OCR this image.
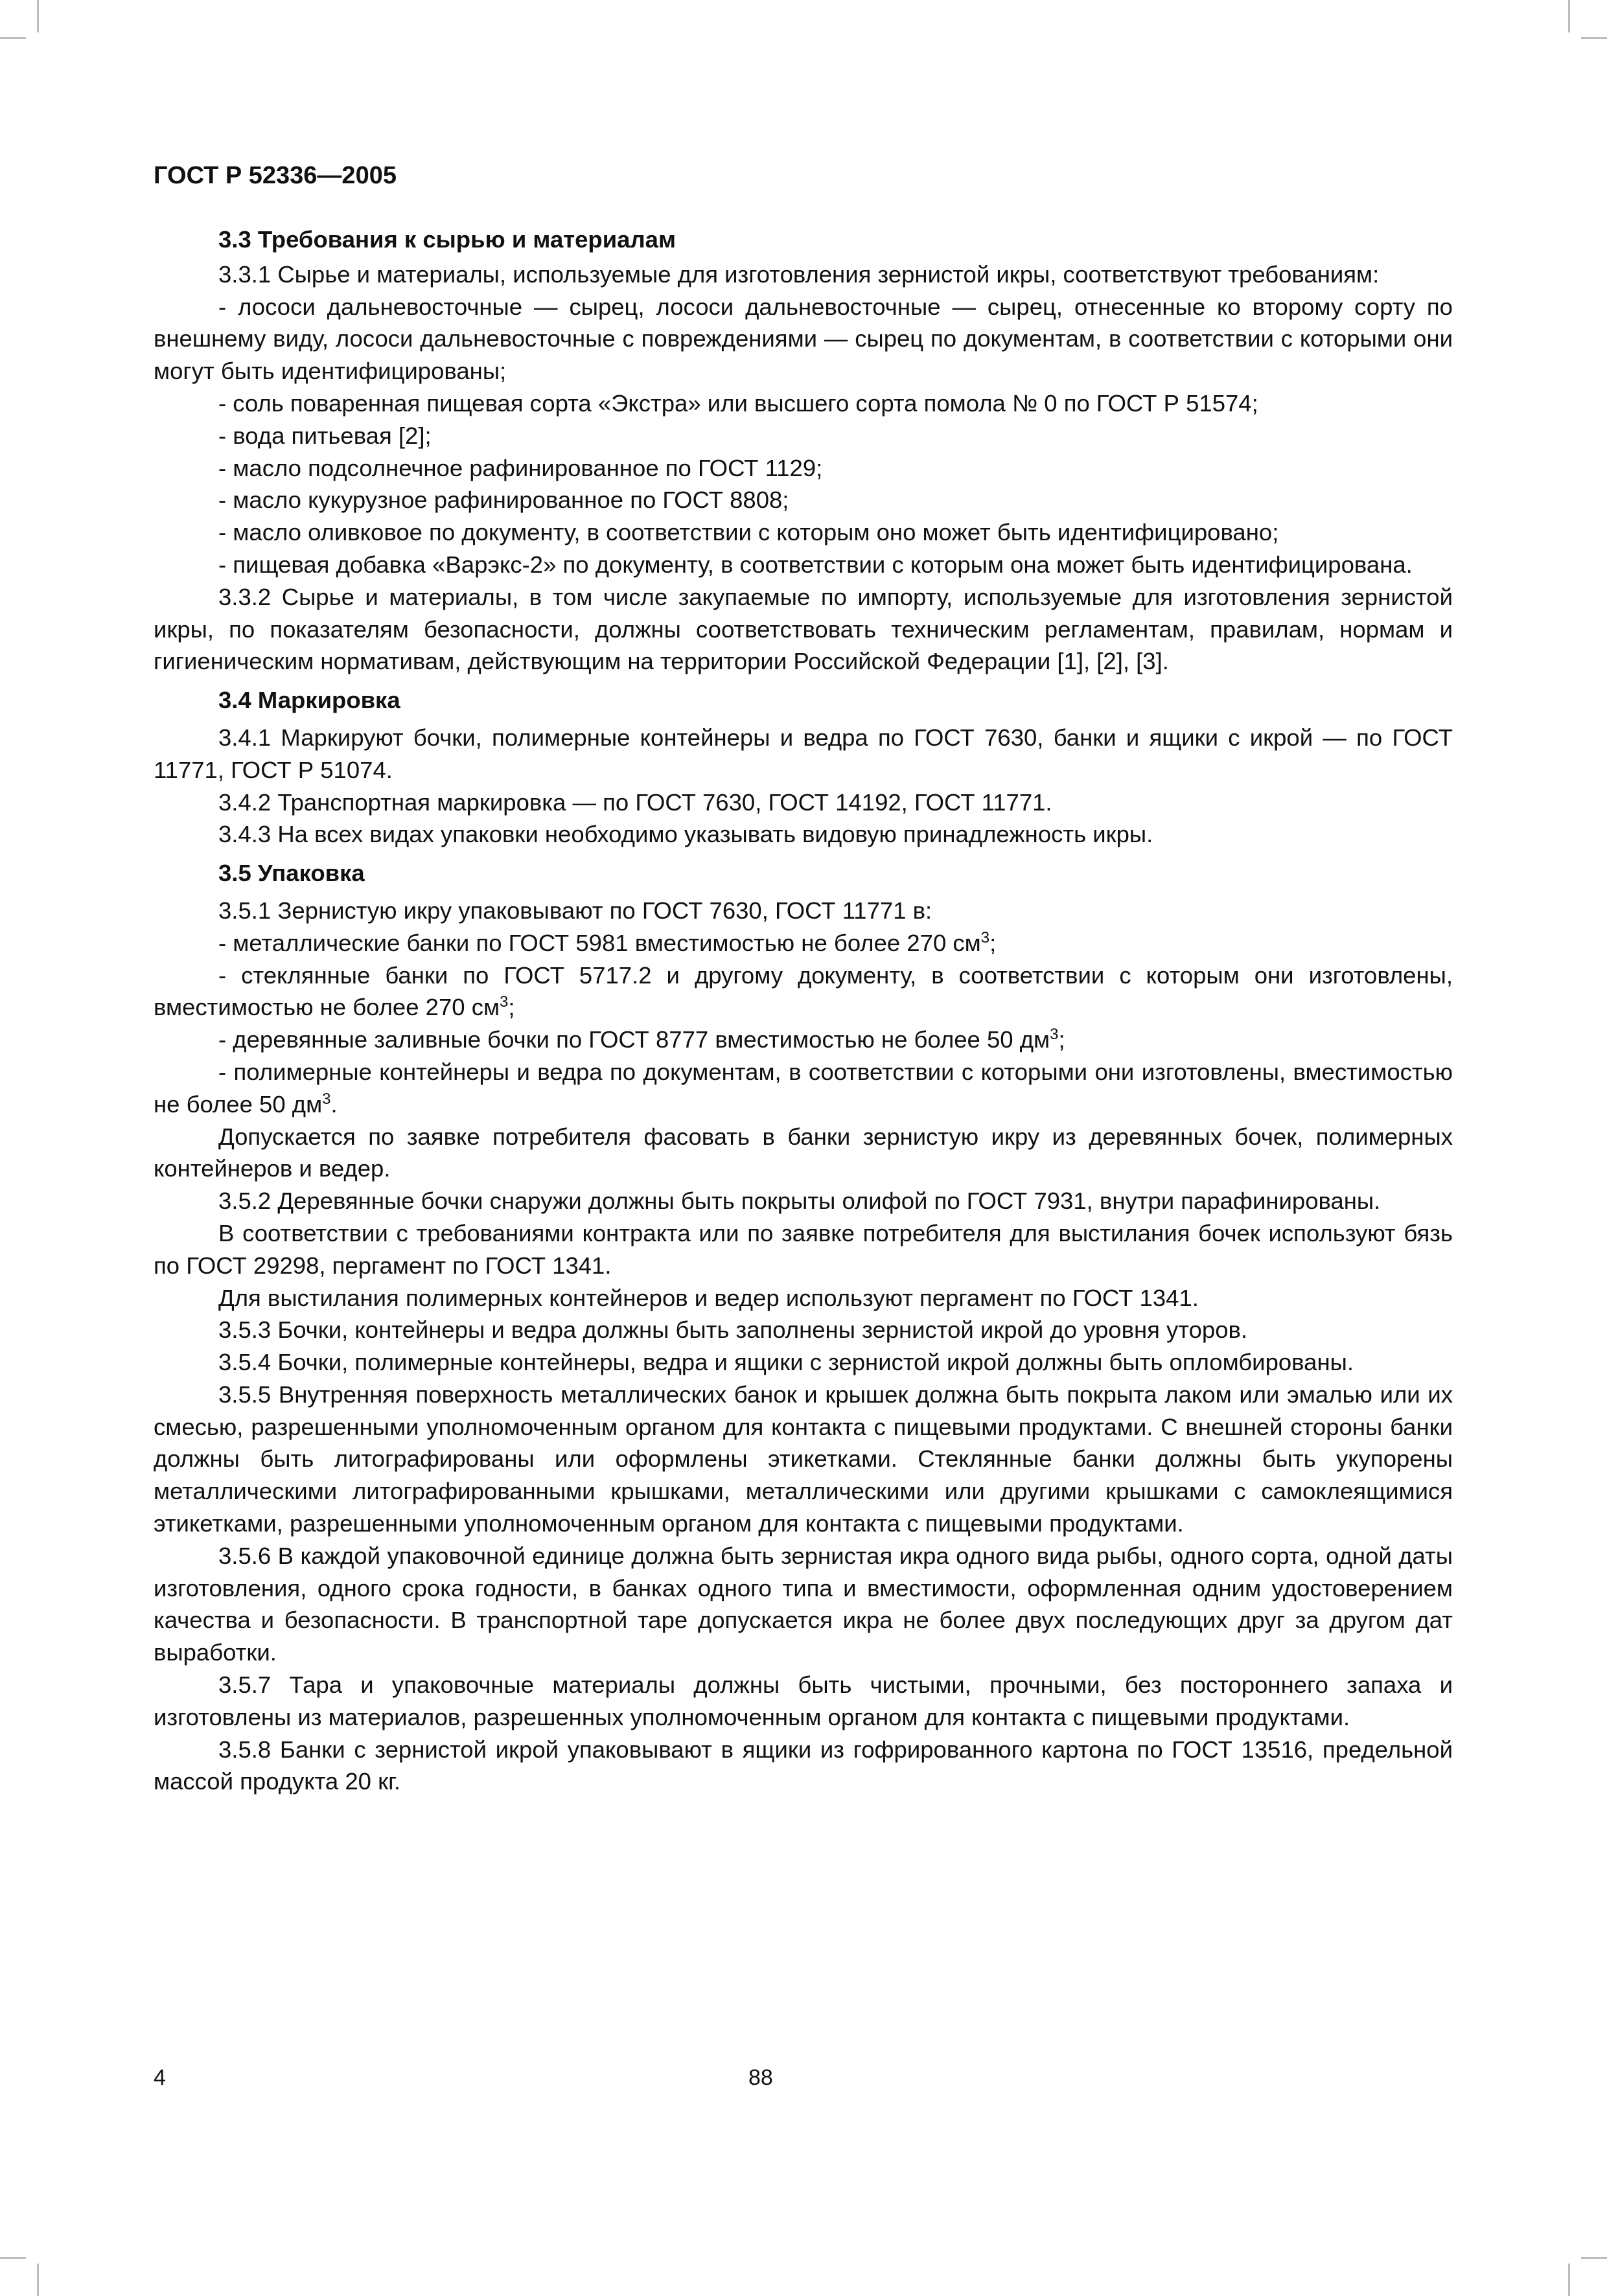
ГОСТ Р 52336—2005

3.3 Требования к сырью и материалам

3.3.1 Сырье и материалы, используемые для изготовления зернистой икры, соответствуют требованиям:

- лососи дальневосточные — сырец, лососи дальневосточные — сырец, отнесенные ко второму сорту по внешнему виду, лососи дальневосточные с повреждениями — сырец по документам, в соответствии с которыми они могут быть идентифицированы;

- соль поваренная пищевая сорта «Экстра» или высшего сорта помола № 0 по ГОСТ Р 51574;

- вода питьевая [2];

- масло подсолнечное рафинированное по ГОСТ 1129;

- масло кукурузное рафинированное по ГОСТ 8808;

- масло оливковое по документу, в соответствии с которым оно может быть идентифицировано;

- пищевая добавка «Варэкс-2» по документу, в соответствии с которым она может быть идентифицирована.

3.3.2 Сырье и материалы, в том числе закупаемые по импорту, используемые для изготовления зернистой икры, по показателям безопасности, должны соответствовать техническим регламентам, правилам, нормам и гигиеническим нормативам, действующим на территории Российской Федерации [1], [2], [3].

3.4 Маркировка

3.4.1 Маркируют бочки, полимерные контейнеры и ведра по ГОСТ 7630, банки и ящики с икрой — по ГОСТ 11771, ГОСТ Р 51074.

3.4.2 Транспортная маркировка — по ГОСТ 7630, ГОСТ 14192, ГОСТ 11771.

3.4.3 На всех видах упаковки необходимо указывать видовую принадлежность икры.

3.5 Упаковка

3.5.1 Зернистую икру упаковывают по ГОСТ 7630, ГОСТ 11771 в:

- металлические банки по ГОСТ 5981 вместимостью не более 270 $см^3$;

- стеклянные банки по ГОСТ 5717.2 и другому документу, в соответствии с которым они изготовлены, вместимостью не более 270 $см^3$;

- деревянные заливные бочки по ГОСТ 8777 вместимостью не более 50 $дм^3$;

- полимерные контейнеры и ведра по документам, в соответствии с которыми они изготовлены, вместимостью не более 50 $дм^3$.

Допускается по заявке потребителя фасовать в банки зернистую икру из деревянных бочек, полимерных контейнеров и ведер.

3.5.2 Деревянные бочки снаружи должны быть покрыты олифой по ГОСТ 7931, внутри парафинированы.

В соответствии с требованиями контракта или по заявке потребителя для выстилания бочек используют бязь по ГОСТ 29298, пергамент по ГОСТ 1341.

Для выстилания полимерных контейнеров и ведер используют пергамент по ГОСТ 1341.

3.5.3 Бочки, контейнеры и ведра должны быть заполнены зернистой икрой до уровня уторов.

3.5.4 Бочки, полимерные контейнеры, ведра и ящики с зернистой икрой должны быть опломбированы.

3.5.5 Внутренняя поверхность металлических банок и крышек должна быть покрыта лаком или эмалью или их смесью, разрешенными уполномоченным органом для контакта с пищевыми продуктами. С внешней стороны банки должны быть литографированы или оформлены этикетками. Стеклянные банки должны быть укупорены металлическими литографированными крышками, металлическими или другими крышками с самоклеящимися этикетками, разрешенными уполномоченным органом для контакта с пищевыми продуктами.

3.5.6 В каждой упаковочной единице должна быть зернистая икра одного вида рыбы, одного сорта, одной даты изготовления, одного срока годности, в банках одного типа и вместимости, оформленная одним удостоверением качества и безопасности. В транспортной таре допускается икра не более двух последующих друг за другом дат выработки.

3.5.7 Тара и упаковочные материалы должны быть чистыми, прочными, без постороннего запаха и изготовлены из материалов, разрешенных уполномоченным органом для контакта с пищевыми продуктами.

3.5.8 Банки с зернистой икрой упаковывают в ящики из гофрированного картона по ГОСТ 13516, предельной массой продукта 20 кг.

4	88
